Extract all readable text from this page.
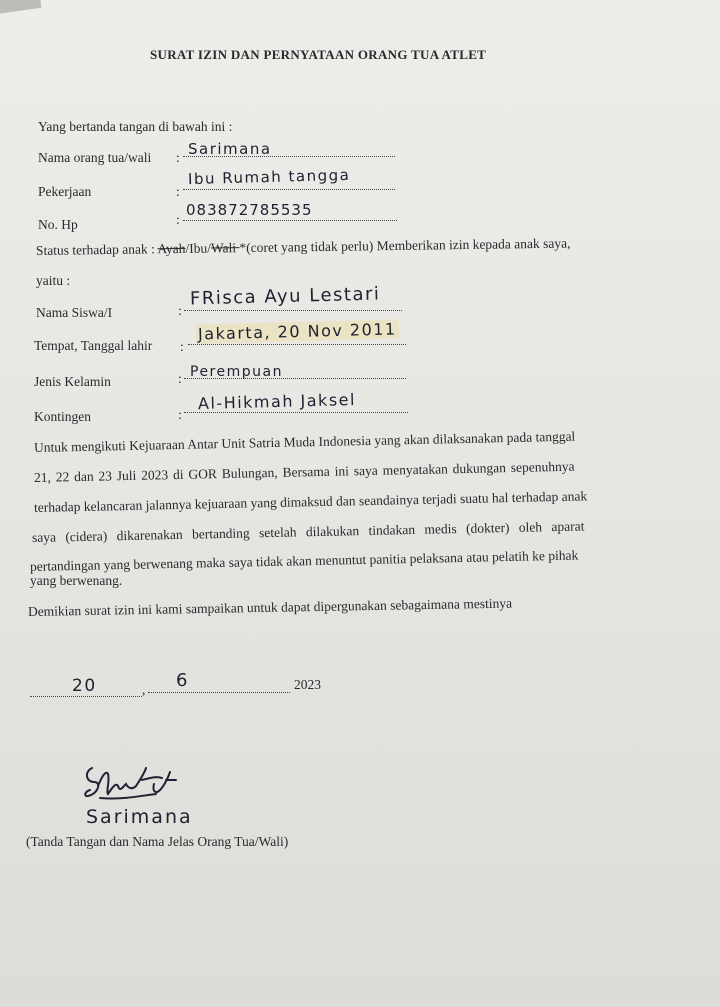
SURAT IZIN DAN PERNYATAAN ORANG TUA ATLET
Yang bertanda tangan di bawah ini :
Nama orang tua/wali : Sarimana
Pekerjaan	:
Ibu Rumah tangga
No. Hp	:
083872785535
Status terhadap anak : Ayah/Ibu/Wali *(coret yang tidak perlu) Memberikan izin kepada anak saya,
yaitu :
Nama Siswa/I	:
FRisca Ayu Lestari
Tempat, Tanggal lahir :
Jakarta, 20 Nov 2011
Jenis Kelamin	: Perempuan
Kontingen	:
Al-Hikmah Jaksel
Untuk mengikuti Kejuaraan Antar Unit Satria Muda Indonesia yang akan dilaksanakan pada tanggal
21, 22 dan 23 Juli 2023 di GOR Bulungan, Bersama ini saya menyatakan dukungan sepenuhnya
terhadap kelancaran jalannya kejuaraan yang dimaksud dan seandainya terjadi suatu hal terhadap anak
saya (cidera) dikarenakan bertanding setelah dilakukan tindakan medis (dokter) oleh aparat
pertandingan yang berwenang maka saya tidak akan menuntut panitia pelaksana atau pelatih ke pihak
yang berwenang.
Demikian surat izin ini kami sampaikan untuk dapat dipergunakan sebagaimana mestinya
20	, 6	2023
Sarimana
(Tanda Tangan dan Nama Jelas Orang Tua/Wali)
